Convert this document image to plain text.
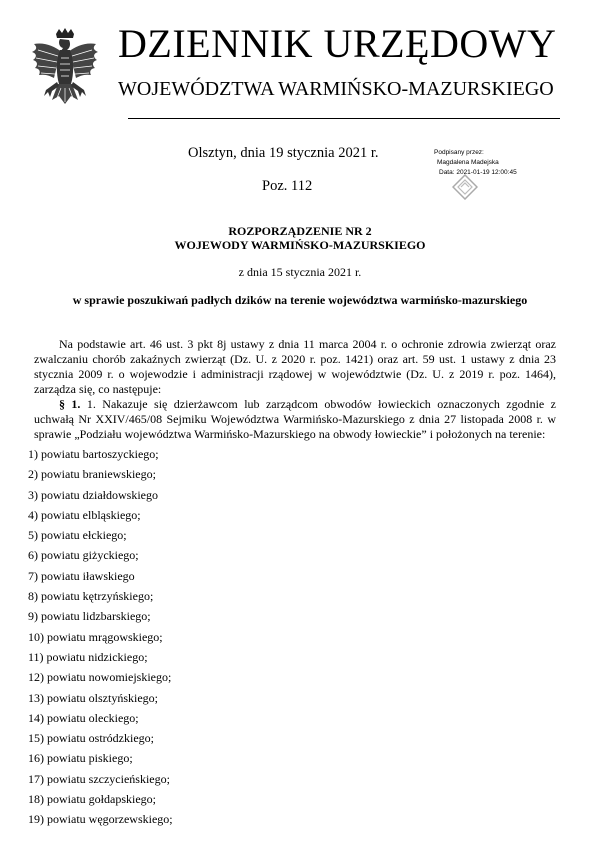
DZIENNIK URZĘDOWY
WOJEWÓDZTWA WARMIŃSKO-MAZURSKIEGO
Olsztyn, dnia 19 stycznia 2021 r.
Poz. 112
Podpisany przez:
Magdalena Madejska
Data: 2021-01-19 12:00:45
ROZPORZĄDZENIE NR 2
WOJEWODY WARMIŃSKO-MAZURSKIEGO
z dnia 15 stycznia 2021 r.
w sprawie poszukiwań padłych dzików na terenie województwa warmińsko-mazurskiego
Na podstawie art. 46 ust. 3 pkt 8j ustawy z dnia 11 marca 2004 r. o ochronie zdrowia zwierząt oraz zwalczaniu chorób zakaźnych zwierząt (Dz. U. z 2020 r. poz. 1421) oraz art. 59 ust. 1 ustawy z dnia 23 stycznia 2009 r. o wojewodzie i administracji rządowej w województwie (Dz. U. z 2019 r. poz. 1464), zarządza się, co następuje:
§ 1. 1. Nakazuje się dzierżawcom lub zarządcom obwodów łowieckich oznaczonych zgodnie z uchwałą Nr XXIV/465/08 Sejmiku Województwa Warmińsko-Mazurskiego z dnia 27 listopada 2008 r. w sprawie „Podziału województwa Warmińsko-Mazurskiego na obwody łowieckie” i położonych na terenie:
1) powiatu bartoszyckiego;
2) powiatu braniewskiego;
3) powiatu działdowskiego
4) powiatu elbląskiego;
5) powiatu ełckiego;
6) powiatu giżyckiego;
7) powiatu iławskiego
8) powiatu kętrzyńskiego;
9) powiatu lidzbarskiego;
10) powiatu mrągowskiego;
11) powiatu nidzickiego;
12) powiatu nowomiejskiego;
13) powiatu olsztyńskiego;
14) powiatu oleckiego;
15) powiatu ostródzkiego;
16) powiatu piskiego;
17) powiatu szczycieńskiego;
18) powiatu gołdapskiego;
19) powiatu węgorzewskiego;
